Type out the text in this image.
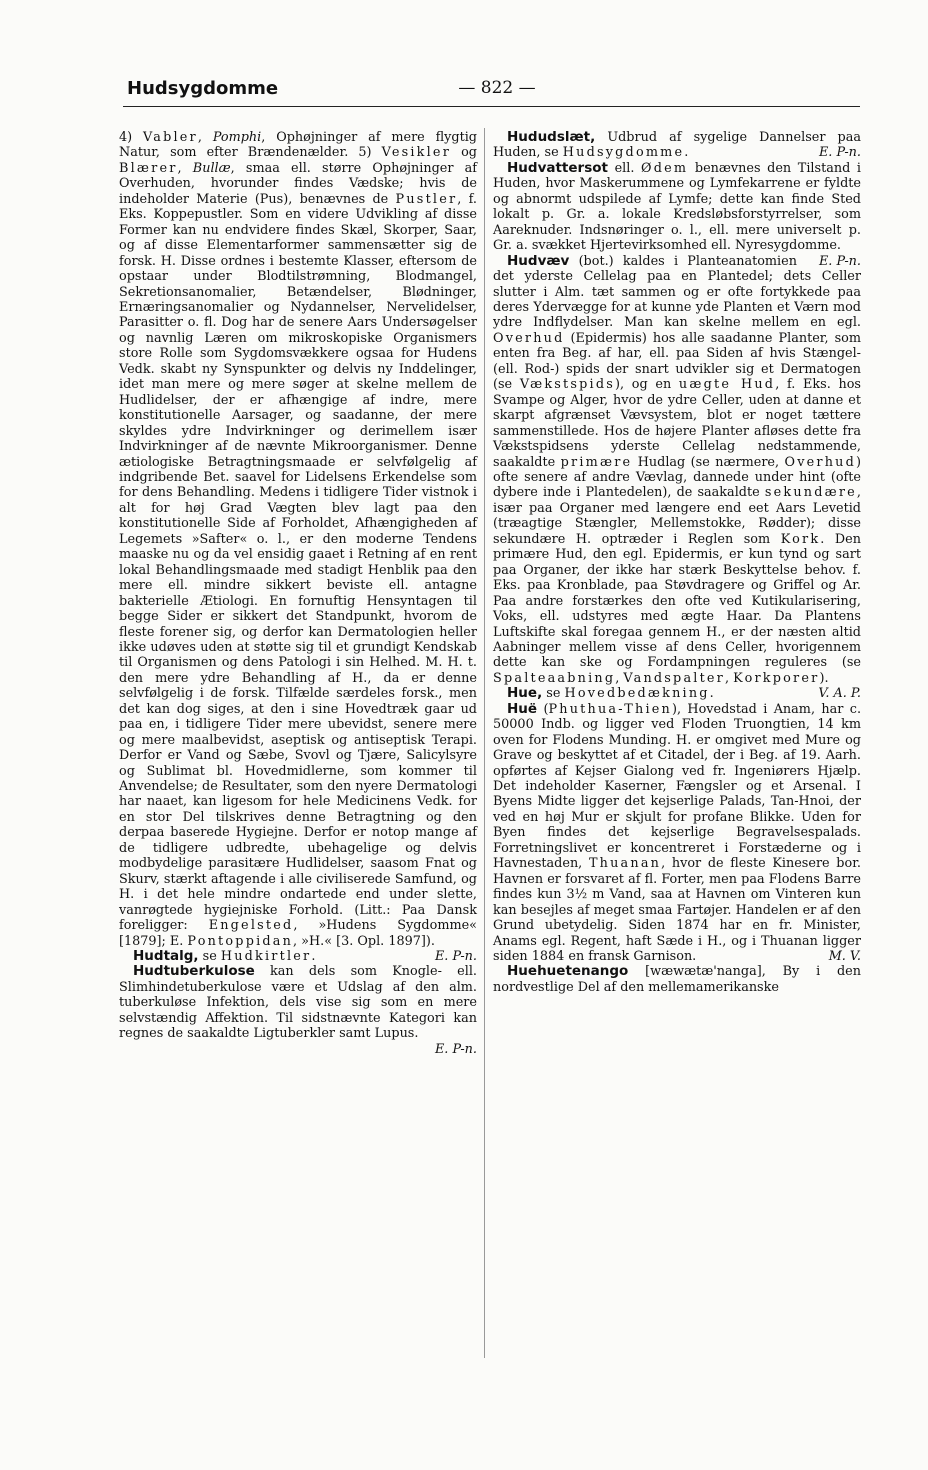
Hudsygdomme	— 822 —

4) Vabler, Pomphi, Ophøjninger af mere flygtig Natur, som efter Brændenælder. 5) Vesikler og Blærer, Bullæ, smaa ell. større Ophøjninger af Overhuden, hvorunder findes Vædske; hvis de indeholder Materie (Pus), benævnes de Pustler, f. Eks. Koppepustler. Som en videre Udvikling af disse Former kan nu endvidere findes Skæl, Skorper, Saar, og af disse Elementarformer sammensætter sig de forsk. H. Disse ordnes i bestemte Klasser, eftersom de opstaar under Blodtilstrømning, Blodmangel, Sekretionsanomalier, Betændelser, Blødninger, Ernæringsanomalier og Nydannelser, Nervelidelser, Parasitter o. fl. Dog har de senere Aars Undersøgelser og navnlig Læren om mikroskopiske Organismers store Rolle som Sygdomsvækkere ogsaa for Hudens Vedk. skabt ny Synspunkter og delvis ny Inddelinger, idet man mere og mere søger at skelne mellem de Hudlidelser, der er afhængige af indre, mere konstitutionelle Aarsager, og saadanne, der mere skyldes ydre Indvirkninger og derimellem især Indvirkninger af de nævnte Mikroorganismer. Denne ætiologiske Betragtningsmaade er selvfølgelig af indgribende Bet. saavel for Lidelsens Erkendelse som for dens Behandling. Medens i tidligere Tider vistnok i alt for høj Grad Vægten blev lagt paa den konstitutionelle Side af Forholdet, Afhængigheden af Legemets »Safter« o. l., er den moderne Tendens maaske nu og da vel ensidig gaaet i Retning af en rent lokal Behandlingsmaade med stadigt Henblik paa den mere ell. mindre sikkert beviste ell. antagne bakterielle Ætiologi. En fornuftig Hensyntagen til begge Sider er sikkert det Standpunkt, hvorom de fleste forener sig, og derfor kan Dermatologien heller ikke udøves uden at støtte sig til et grundigt Kendskab til Organismen og dens Patologi i sin Helhed. M. H. t. den mere ydre Behandling af H., da er denne selvfølgelig i de forsk. Tilfælde særdeles forsk., men det kan dog siges, at den i sine Hovedtræk gaar ud paa en, i tidligere Tider mere ubevidst, senere mere og mere maalbevidst, aseptisk og antiseptisk Terapi. Derfor er Vand og Sæbe, Svovl og Tjære, Salicylsyre og Sublimat bl. Hovedmidlerne, som kommer til Anvendelse; de Resultater, som den nyere Dermatologi har naaet, kan ligesom for hele Medicinens Vedk. for en stor Del tilskrives denne Betragtning og den derpaa baserede Hygiejne. Derfor er notop mange af de tidligere udbredte, ubehagelige og delvis modbydelige parasitære Hudlidelser, saasom Fnat og Skurv, stærkt aftagende i alle civiliserede Samfund, og H. i det hele mindre ondartede end under slette, vanrøgtede hygiejniske Forhold. (Litt.: Paa Dansk foreligger: Engelsted, »Hudens Sygdomme« [1879]; E. Pontoppidan, »H.« [3. Opl. 1897]).
E. P-n.

Hudtalg, se Hudkirtler.

Hudtuberkulose kan dels som Knogle- ell. Slimhindetuberkulose være et Udslag af den alm. tuberkuløse Infektion, dels vise sig som en mere selvstændig Affektion. Til sidstnævnte Kategori kan regnes de saakaldte Ligtuberkler samt Lupus.
E. P-n.

Hududslæt, Udbrud af sygelige Dannelser paa Huden, se Hudsygdomme.	E. P-n.

Hudvattersot ell. Ødem benævnes den Tilstand i Huden, hvor Maskerummene og Lymfekarrene er fyldte og abnormt udspilede af Lymfe; dette kan finde Sted lokalt p. Gr. a. lokale Kredsløbsforstyrrelser, som Aareknuder. Indsnøringer o. l., ell. mere universelt p. Gr. a. svækket Hjertevirksomhed ell. Nyresygdomme.
E. P-n.

Hudvæv (bot.) kaldes i Planteanatomien det yderste Cellelag paa en Plantedel; dets Celler slutter i Alm. tæt sammen og er ofte fortykkede paa deres Ydervægge for at kunne yde Planten et Værn mod ydre Indflydelser. Man kan skelne mellem en egl. Overhud (Epidermis) hos alle saadanne Planter, som enten fra Beg. af har, ell. paa Siden af hvis Stængel- (ell. Rod-) spids der snart udvikler sig et Dermatogen (se Vækstspids), og en uægte Hud, f. Eks. hos Svampe og Alger, hvor de ydre Celler, uden at danne et skarpt afgrænset Vævsystem, blot er noget tættere sammenstillede. Hos de højere Planter afløses dette fra Vækstspidsens yderste Cellelag nedstammende, saakaldte primære Hudlag (se nærmere, Overhud) ofte senere af andre Vævlag, dannede under hint (ofte dybere inde i Plantedelen), de saakaldte sekundære, især paa Organer med længere end eet Aars Levetid (træagtige Stængler, Mellemstokke, Rødder); disse sekundære H. optræder i Reglen som Kork. Den primære Hud, den egl. Epidermis, er kun tynd og sart paa Organer, der ikke har stærk Beskyttelse behov. f. Eks. paa Kronblade, paa Støvdragere og Griffel og Ar. Paa andre forstærkes den ofte ved Kutikularisering, Voks, ell. udstyres med ægte Haar. Da Plantens Luftskifte skal foregaa gennem H., er der næsten altid Aabninger mellem visse af dens Celler, hvorigennem dette kan ske og Fordampningen reguleres (se Spalteaabning, Vandspalter, Korkporer).
V. A. P.

Hue, se Hovedbedækning.

Huë (Phuthua-Thien), Hovedstad i Anam, har c. 50000 Indb. og ligger ved Floden Truongtien, 14 km oven for Flodens Munding. H. er omgivet med Mure og Grave og beskyttet af et Citadel, der i Beg. af 19. Aarh. opførtes af Kejser Gialong ved fr. Ingeniørers Hjælp. Det indeholder Kaserner, Fængsler og et Arsenal. I Byens Midte ligger det kejserlige Palads, Tan-Hnoi, der ved en høj Mur er skjult for profane Blikke. Uden for Byen findes det kejserlige Begravelsespalads. Forretningslivet er koncentreret i Forstæderne og i Havnestaden, Thuanan, hvor de fleste Kinesere bor. Havnen er forsvaret af fl. Forter, men paa Flodens Barre findes kun 3½ m Vand, saa at Havnen om Vinteren kun kan besejles af meget smaa Fartøjer. Handelen er af den Grund ubetydelig. Siden 1874 har en fr. Minister, Anams egl. Regent, haft Sæde i H., og i Thuanan ligger siden 1884 en fransk Garnison.	M. V.

Huehuetenango [wæwætæ'nanga], By i den nordvestlige Del af den mellemamerikanske
